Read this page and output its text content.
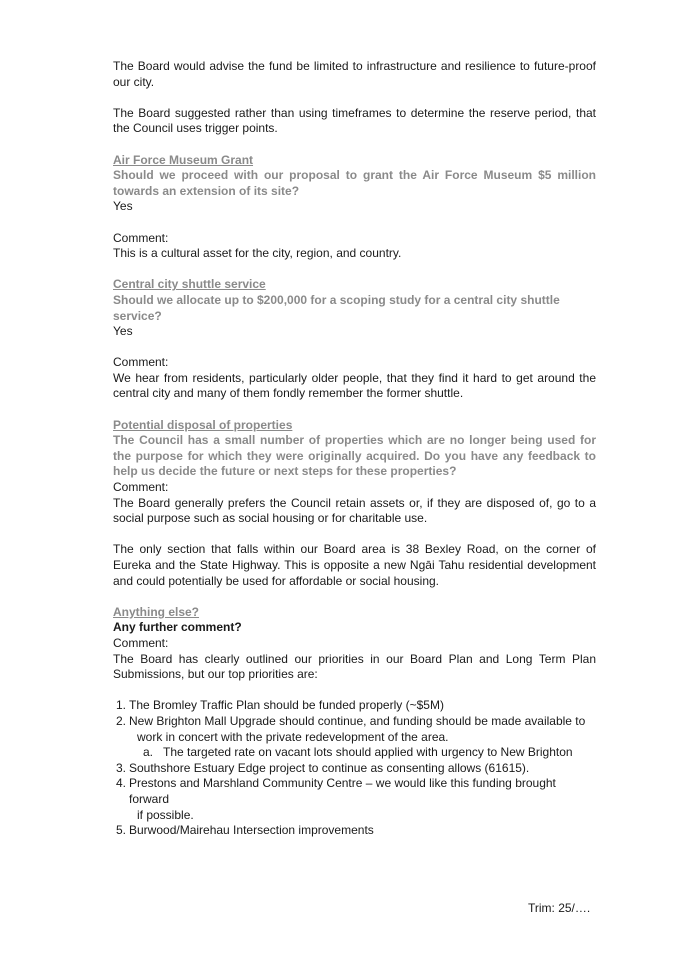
The Board would advise the fund be limited to infrastructure and resilience to future-proof our city.

The Board suggested rather than using timeframes to determine the reserve period, that the Council uses trigger points.

Air Force Museum Grant

Should we proceed with our proposal to grant the Air Force Museum $5 million towards an extension of its site?

Yes

Comment:

This is a cultural asset for the city, region, and country.

Central city shuttle service

Should we allocate up to $200,000 for a scoping study for a central city shuttle service?

Yes

Comment:

We hear from residents, particularly older people, that they find it hard to get around the central city and many of them fondly remember the former shuttle.

Potential disposal of properties

The Council has a small number of properties which are no longer being used for the purpose for which they were originally acquired. Do you have any feedback to help us decide the future or next steps for these properties?

Comment:

The Board generally prefers the Council retain assets or, if they are disposed of, go to a social purpose such as social housing or for charitable use.

The only section that falls within our Board area is 38 Bexley Road, on the corner of Eureka and the State Highway. This is opposite a new Ngāi Tahu residential development and could potentially be used for affordable or social housing.

Anything else?

Any further comment?

Comment:

The Board has clearly outlined our priorities in our Board Plan and Long Term Plan Submissions, but our top priorities are:

1. The Bromley Traffic Plan should be funded properly (~$5M)
2. New Brighton Mall Upgrade should continue, and funding should be made available to
work in concert with the private redevelopment of the area.
a. The targeted rate on vacant lots should applied with urgency to New Brighton
3. Southshore Estuary Edge project to continue as consenting allows (61615).
4. Prestons and Marshland Community Centre – we would like this funding brought forward
if possible.
5. Burwood/Mairehau Intersection improvements
Trim: 25/….
